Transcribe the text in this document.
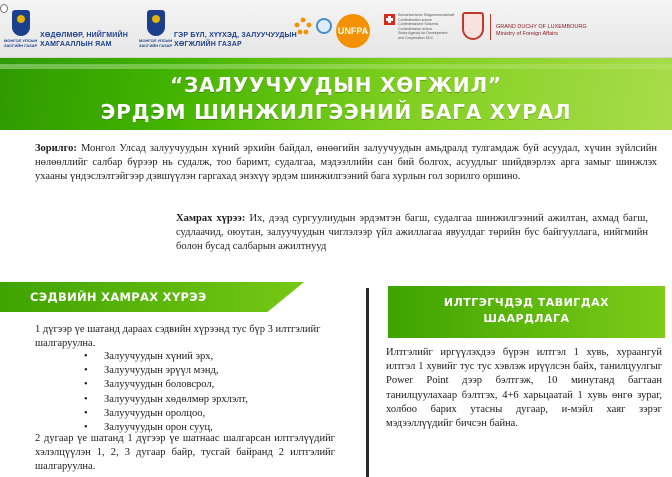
МОНГОЛ УЛСЫН
ЗАСГИЙН ГАЗАР
ХӨДӨЛМӨР, НИЙГМИЙН
ХАМГААЛЛЫН ЯАМ
МОНГОЛ УЛСЫН
ЗАСГИЙН ГАЗАР
ГЭР БҮЛ, ХҮҮХЭД, ЗАЛУУЧУУДЫН
ХӨГЖЛИЙН ГАЗАР
UNFPA
Schweizerische Eidgenossenschaft
Confédération suisse
Confederazione Svizzera
Confederaziun svizra
Swiss Agency for Development
and Cooperation SDC
GRAND DUCHY OF LUXEMBOURG
Ministry of Foreign Affairs
“ЗАЛУУЧУУДЫН ХӨГЖИЛ”
ЭРДЭМ ШИНЖИЛГЭЭНИЙ БАГА ХУРАЛ

Зорилго: Монгол Улсад залуучуудын хүний эрхийн байдал, өнөөгийн залуучуудын амьдралд тулгамдаж буй асуудал, хүчин зүйлсийн нөлөөллийг салбар бүрээр нь судалж, тоо баримт, судалгаа, мэдээллийн сан бий болгох, асуудлыг шийдвэрлэх арга замыг шинжлэх ухааны үндэслэлтэйгээр дэвшүүлэн гаргахад энэхүү эрдэм шинжилгээний бага хурлын гол зорилго оршино.

Хамрах хүрээ: Их, дээд сургуулиудын эрдэмтэн багш, судалгаа шинжилгээний ажилтан, ахмад багш, судлаачид, оюутан, залуучуудын чиглэлээр үйл ажиллагаа явуулдаг төрийн бус байгууллага, нийгмийн болон бусад салбарын ажилтнууд

СЭДВИЙН ХАМРАХ ХҮРЭЭ

1 дүгээр үе шатанд дараах сэдвийн хүрээнд тус бүр 3 илтгэлийг шалгаруулна.

• Залуучуудын хүний эрх,
• Залуучуудын эрүүл мэнд,
• Залуучуудын боловсрол,
• Залуучуудын хөдөлмөр эрхлэлт,
• Залуучуудын оролцоо,
• Залуучуудын орон сууц,

2 дугаар үе шатанд 1 дүгээр үе шатнаас шалгарсан илтгэлүүдийг хэлэлцүүлэн 1, 2, 3 дугаар байр, тусгай байранд 2 илтгэлийг шалгаруулна.

ИЛТГЭГЧДЭД ТАВИГДАХ
ШААРДЛАГА

Илтгэлийг иргүүлэхдээ бүрэн илтгэл 1 хувь, хураангуй илтгэл 1 хувийг тус тус хэвлэж ирүүлсэн байх, танилцуулгыг Power Point дээр бэлтгэж, 10 минутанд багтаан танилцуулахаар бэлтгэх, 4+6 харьцаатай 1 хувь өнгө зураг, холбоо барих утасны дугаар, и-мэйл хаяг зэрэг мэдээллүүдийг бичсэн байна.
